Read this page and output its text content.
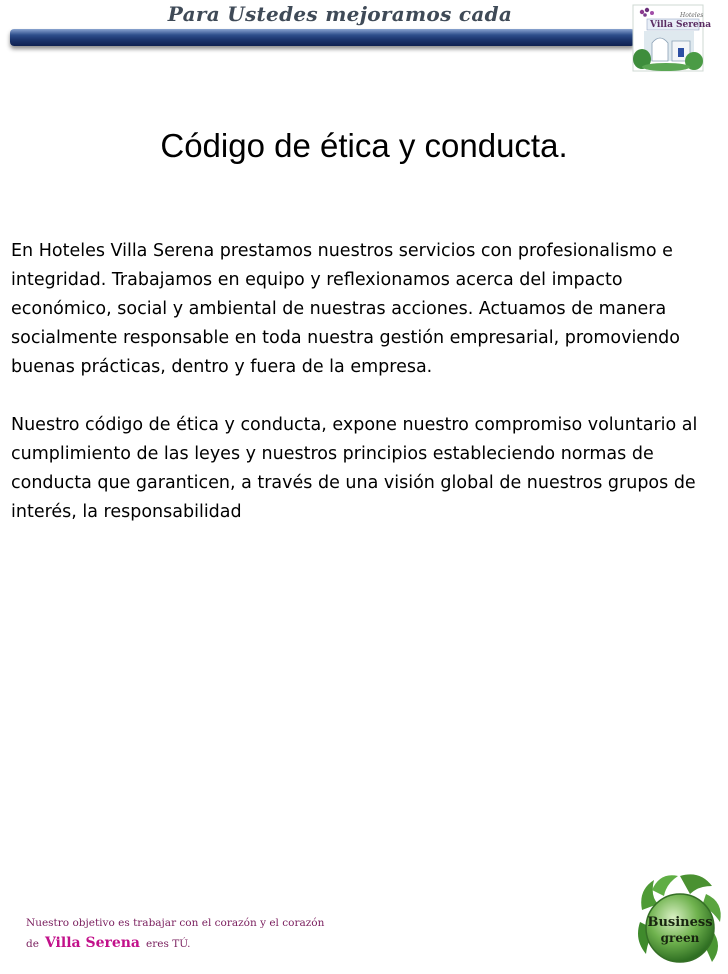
Para Ustedes mejoramos cada	Hoteles
Villa Serena
Código de ética y conducta.

En Hoteles Villa Serena prestamos nuestros servicios con profesionalismo e integridad. Trabajamos en equipo y reflexionamos acerca del impacto económico, social y ambiental de nuestras acciones. Actuamos de manera socialmente responsable en toda nuestra gestión empresarial, promoviendo buenas prácticas, dentro y fuera de la empresa.

Nuestro código de ética y conducta, expone nuestro compromiso voluntario al cumplimiento de las leyes y nuestros principios estableciendo normas de conducta que garanticen, a través de una visión global de nuestros grupos de interés, la responsabilidad

Nuestro objetivo es trabajar con el corazón y el corazón
de Villa Serena eres TÚ.
Business
green
